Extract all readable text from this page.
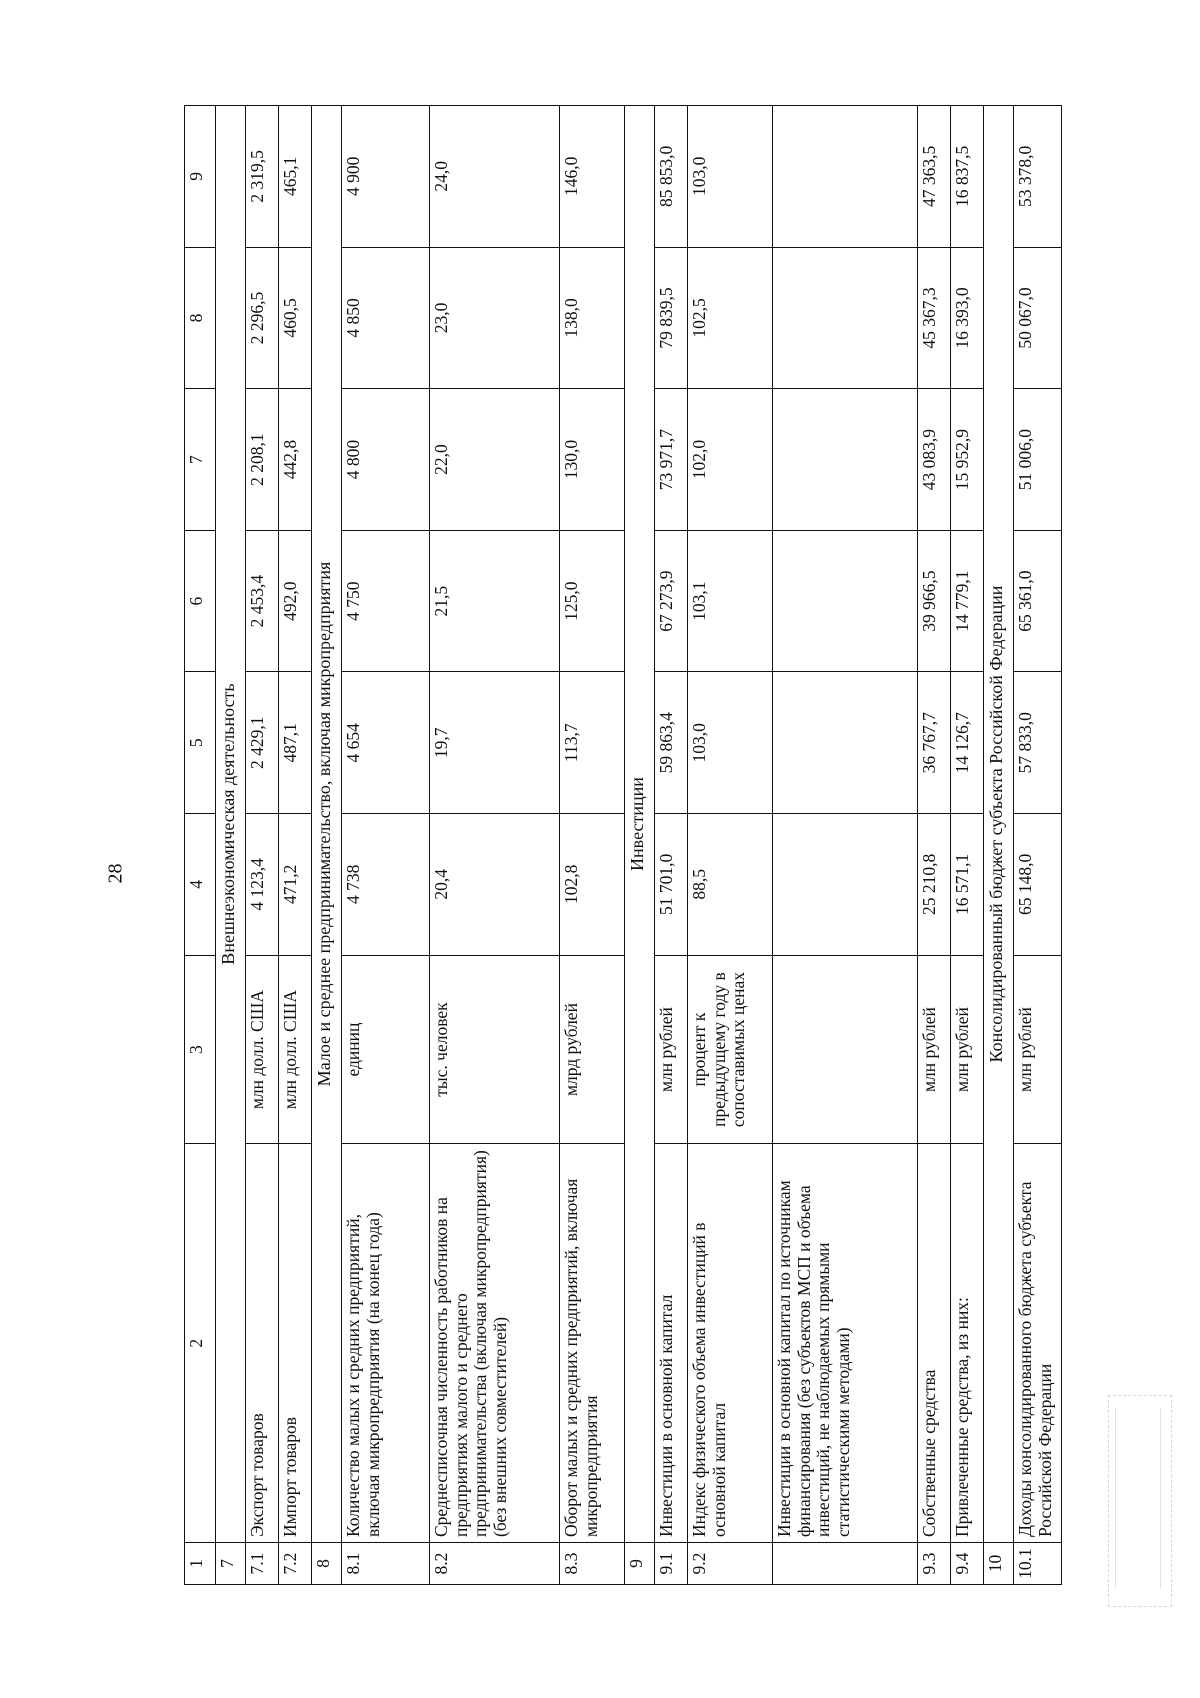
28
1	2	3	4	5	6	7	8	9
7	Внешнеэкономическая деятельность							
7.1	Экспорт товаров	млн долл. США	4 123,4	2 429,1	2 453,4	2 208,1	2 296,5	2 319,5
7.2	Импорт товаров	млн долл. США	471,2	487,1	492,0	442,8	460,5	465,1
8	Малое и среднее предпринимательство, включая микропредприятия							
8.1	Количество малых и средних предприятий, включая микропредприятия (на конец года)	единиц	4 738	4 654	4 750	4 800	4 850	4 900
8.2	Среднесписочная численность работников на предприятиях малого и среднего предпринимательства (включая микропредприятия) (без внешних совместителей)	тыс. человек	20,4	19,7	21,5	22,0	23,0	24,0
8.3	Оборот малых и средних предприятий, включая микропредприятия	млрд рублей	102,8	113,7	125,0	130,0	138,0	146,0
9	Инвестиции							
9.1	Инвестиции в основной капитал	млн рублей	51 701,0	59 863,4	67 273,9	73 971,7	79 839,5	85 853,0
9.2	Индекс физического объема инвестиций в основной капитал	процент к предыдущему году в сопоставимых ценах	88,5	103,0	103,1	102,0	102,5	103,0
	Инвестиции в основной капитал по источникам финансирования (без субъектов МСП и объема инвестиций, не наблюдаемых прямыми статистическими методами)							
9.3	Собственные средства	млн рублей	25 210,8	36 767,7	39 966,5	43 083,9	45 367,3	47 363,5
9.4	Привлеченные средства, из них:	млн рублей	16 571,1	14 126,7	14 779,1	15 952,9	16 393,0	16 837,5
10	Консолидированный бюджет субъекта Российской Федерации							
10.1	Доходы консолидированного бюджета субъекта Российской Федерации	млн рублей	65 148,0	57 833,0	65 361,0	51 006,0	50 067,0	53 378,0
